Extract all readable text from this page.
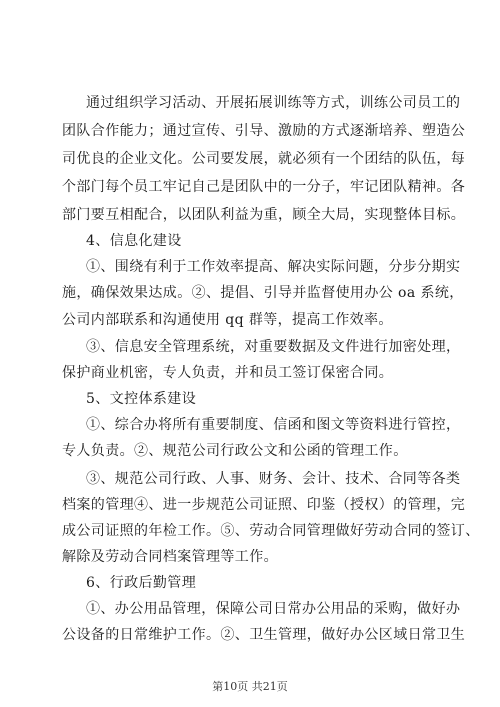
通过组织学习活动、开展拓展训练等方式，训练公司员工的

团队合作能力；通过宣传、引导、激励的方式逐渐培养、塑造公

司优良的企业文化。公司要发展，就必须有一个团结的队伍，每

个部门每个员工牢记自己是团队中的一分子，牢记团队精神。各

部门要互相配合，以团队利益为重，顾全大局，实现整体目标。

4、信息化建设

①、围绕有利于工作效率提高、解决实际问题，分步分期实

施，确保效果达成。②、提倡、引导并监督使用办公 oa 系统，

公司内部联系和沟通使用 qq 群等，提高工作效率。

③、信息安全管理系统，对重要数据及文件进行加密处理，

保护商业机密，专人负责，并和员工签订保密合同。

5、文控体系建设

①、综合办将所有重要制度、信函和图文等资料进行管控，

专人负责。②、规范公司行政公文和公函的管理工作。

③、规范公司行政、人事、财务、会计、技术、合同等各类

档案的管理④、进一步规范公司证照、印鉴（授权）的管理，完

成公司证照的年检工作。⑤、劳动合同管理做好劳动合同的签订、

解除及劳动合同档案管理等工作。

6、行政后勤管理

①、办公用品管理，保障公司日常办公用品的采购，做好办

公设备的日常维护工作。②、卫生管理，做好办公区域日常卫生

第10页 共21页
